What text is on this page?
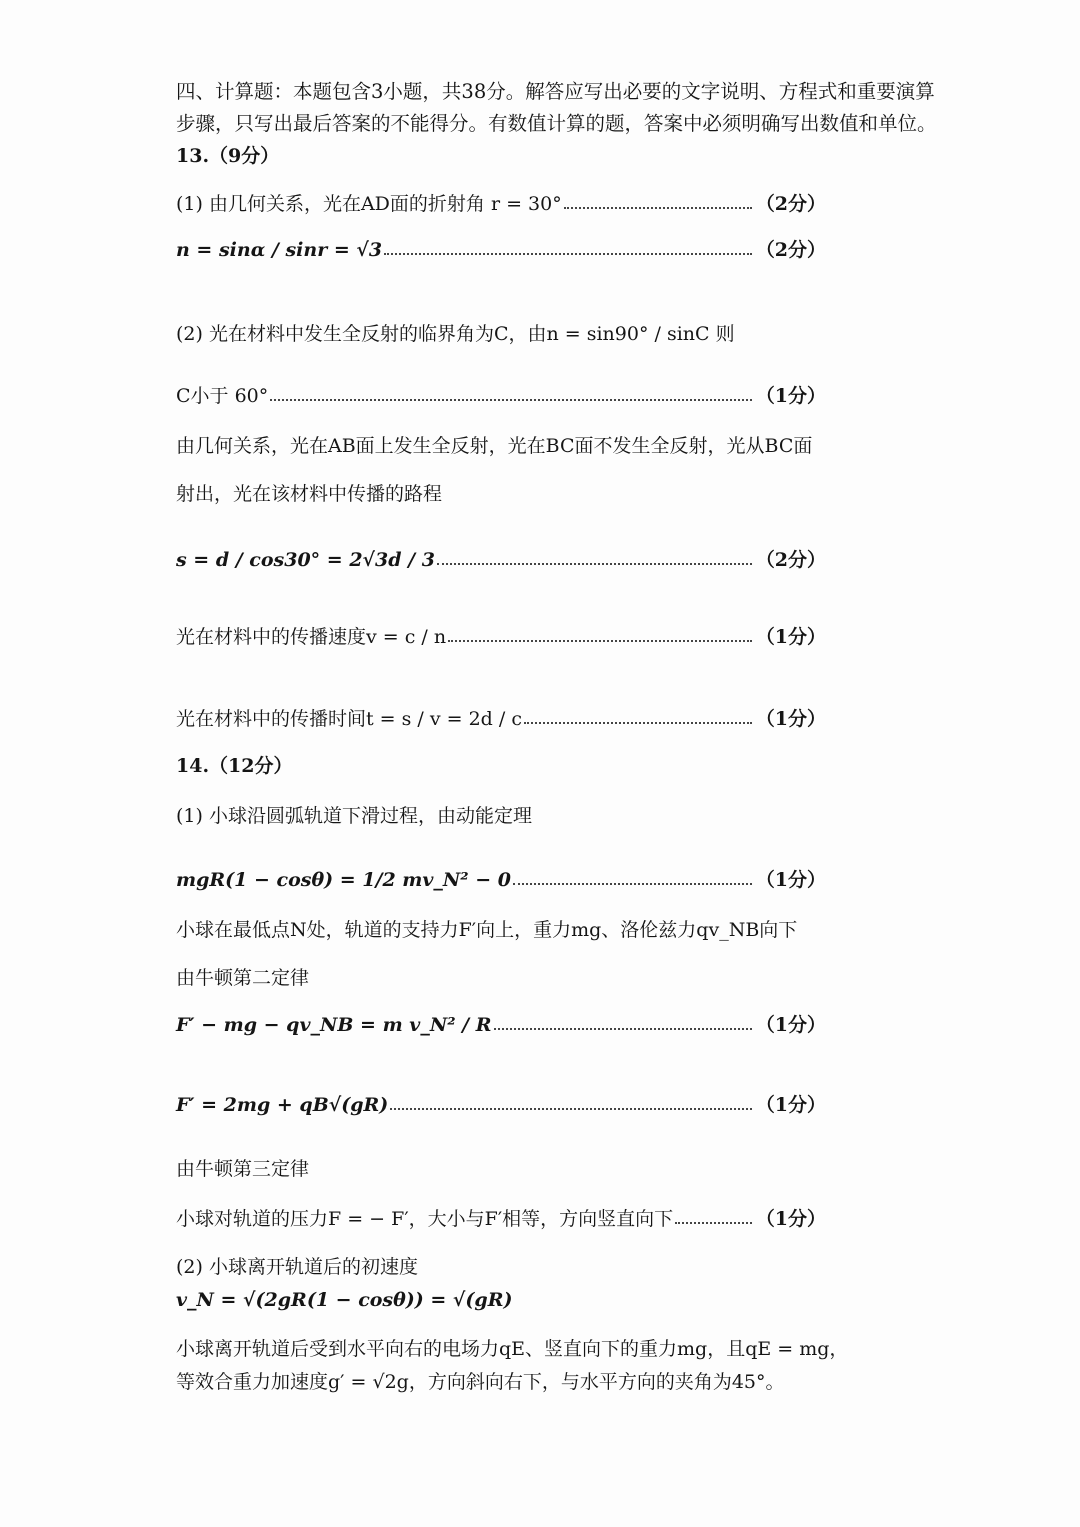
四、计算题：本题包含3小题，共38分。解答应写出必要的文字说明、方程式和重要演算
步骤，只写出最后答案的不能得分。有数值计算的题，答案中必须明确写出数值和单位。
13.（9分）
(1) 由几何关系，光在AD面的折射角 r = 30°	（2分）
n = sinα / sinr = √3	（2分）
(2) 光在材料中发生全反射的临界角为C，由n = sin90° / sinC 则
C小于 60°	（1分）
由几何关系，光在AB面上发生全反射，光在BC面不发生全反射，光从BC面
射出，光在该材料中传播的路程
s = d / cos30° = 2√3d / 3	（2分）
光在材料中的传播速度v = c / n	（1分）
光在材料中的传播时间t = s / v = 2d / c	（1分）
14.（12分）
(1) 小球沿圆弧轨道下滑过程，由动能定理
mgR(1 − cosθ) = 1/2 mv_N² − 0	（1分）
小球在最低点N处，轨道的支持力F′向上，重力mg、洛伦兹力qv_NB向下
由牛顿第二定律
F′ − mg − qv_NB = m v_N² / R	（1分）
F′ = 2mg + qB√(gR)	（1分）
由牛顿第三定律
小球对轨道的压力F = − F′，大小与F′相等，方向竖直向下	（1分）
(2) 小球离开轨道后的初速度
v_N = √(2gR(1 − cosθ)) = √(gR)
小球离开轨道后受到水平向右的电场力qE、竖直向下的重力mg，且qE = mg，
等效合重力加速度g′ = √2g，方向斜向右下，与水平方向的夹角为45°。
